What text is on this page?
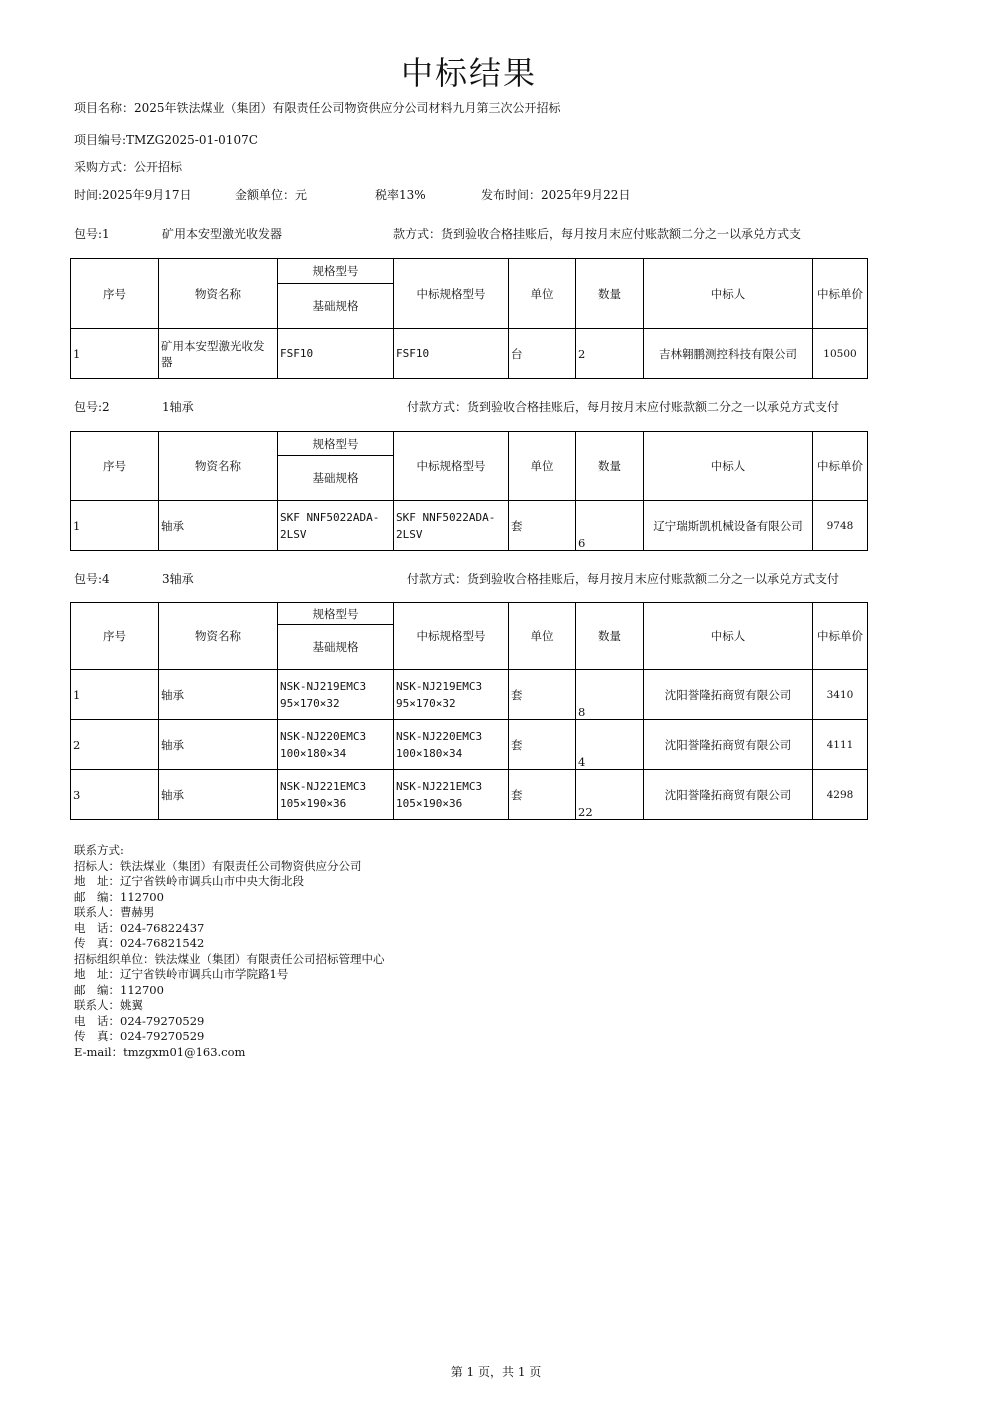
中标结果
项目名称：2025年铁法煤业（集团）有限责任公司物资供应分公司材料九月第三次公开招标
项目编号:TMZG2025-01-0107C
采购方式：公开招标
时间:2025年9月17日	金额单位：元	税率13%	发布时间：2025年9月22日
包号:1	矿用本安型激光收发器	款方式：货到验收合格挂账后，每月按月末应付账款额二分之一以承兑方式支
序号	物资名称	规格型号	中标规格型号	单位	数量	中标人	中标单价
		基础规格					
1	矿用本安型激光收发器	FSF10	FSF10	台	2	吉林翱鹏测控科技有限公司	10500
包号:2	1轴承	付款方式：货到验收合格挂账后，每月按月末应付账款额二分之一以承兑方式支付
序号	物资名称	规格型号	中标规格型号	单位	数量	中标人	中标单价
		基础规格					
1	轴承	SKF NNF5022ADA-2LSV	SKF NNF5022ADA-2LSV	套	6	辽宁瑞斯凯机械设备有限公司	9748
包号:4	3轴承	付款方式：货到验收合格挂账后，每月按月末应付账款额二分之一以承兑方式支付
序号	物资名称	规格型号	中标规格型号	单位	数量	中标人	中标单价
		基础规格					
1	轴承	NSK-NJ219EMC3 95×170×32	NSK-NJ219EMC3 95×170×32	套	8	沈阳誉隆拓商贸有限公司	3410
2	轴承	NSK-NJ220EMC3 100×180×34	NSK-NJ220EMC3 100×180×34	套	4	沈阳誉隆拓商贸有限公司	4111
3	轴承	NSK-NJ221EMC3 105×190×36	NSK-NJ221EMC3 105×190×36	套	22	沈阳誉隆拓商贸有限公司	4298
联系方式:
招标人：铁法煤业（集团）有限责任公司物资供应分公司
地　址：辽宁省铁岭市调兵山市中央大街北段
邮　编：112700
联系人：曹赫男
电　话：024-76822437
传　真：024-76821542
招标组织单位：铁法煤业（集团）有限责任公司招标管理中心
地　址：辽宁省铁岭市调兵山市学院路1号
邮　编：112700
联系人：姚翼
电　话：024-79270529
传　真：024-79270529
E-mail：tmzgxm01@163.com
第 1 页，共 1 页
